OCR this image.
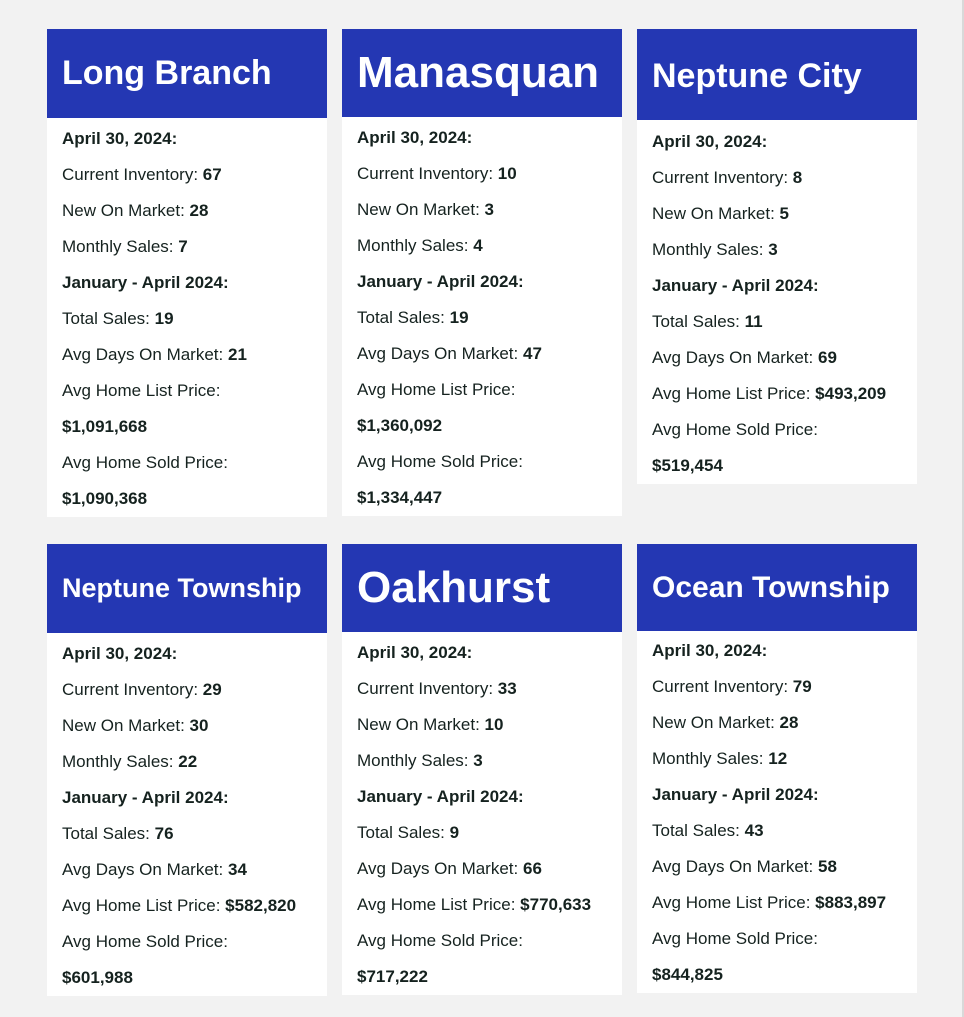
Long Branch
April 30, 2024:
Current Inventory: 67
New On Market: 28
Monthly Sales: 7
January - April 2024:
Total Sales: 19
Avg Days On Market: 21
Avg Home List Price:
$1,091,668
Avg Home Sold Price:
$1,090,368
Manasquan
April 30, 2024:
Current Inventory: 10
New On Market: 3
Monthly Sales: 4
January - April 2024:
Total Sales: 19
Avg Days On Market: 47
Avg Home List Price:
$1,360,092
Avg Home Sold Price:
$1,334,447
Neptune City
April 30, 2024:
Current Inventory: 8
New On Market: 5
Monthly Sales: 3
January - April 2024:
Total Sales: 11
Avg Days On Market: 69
Avg Home List Price: $493,209
Avg Home Sold Price:
$519,454
Neptune Township
April 30, 2024:
Current Inventory: 29
New On Market: 30
Monthly Sales: 22
January - April 2024:
Total Sales: 76
Avg Days On Market: 34
Avg Home List Price: $582,820
Avg Home Sold Price:
$601,988
Oakhurst
April 30, 2024:
Current Inventory: 33
New On Market: 10
Monthly Sales: 3
January - April 2024:
Total Sales: 9
Avg Days On Market: 66
Avg Home List Price: $770,633
Avg Home Sold Price:
$717,222
Ocean Township
April 30, 2024:
Current Inventory: 79
New On Market: 28
Monthly Sales: 12
January - April 2024:
Total Sales: 43
Avg Days On Market: 58
Avg Home List Price: $883,897
Avg Home Sold Price:
$844,825
